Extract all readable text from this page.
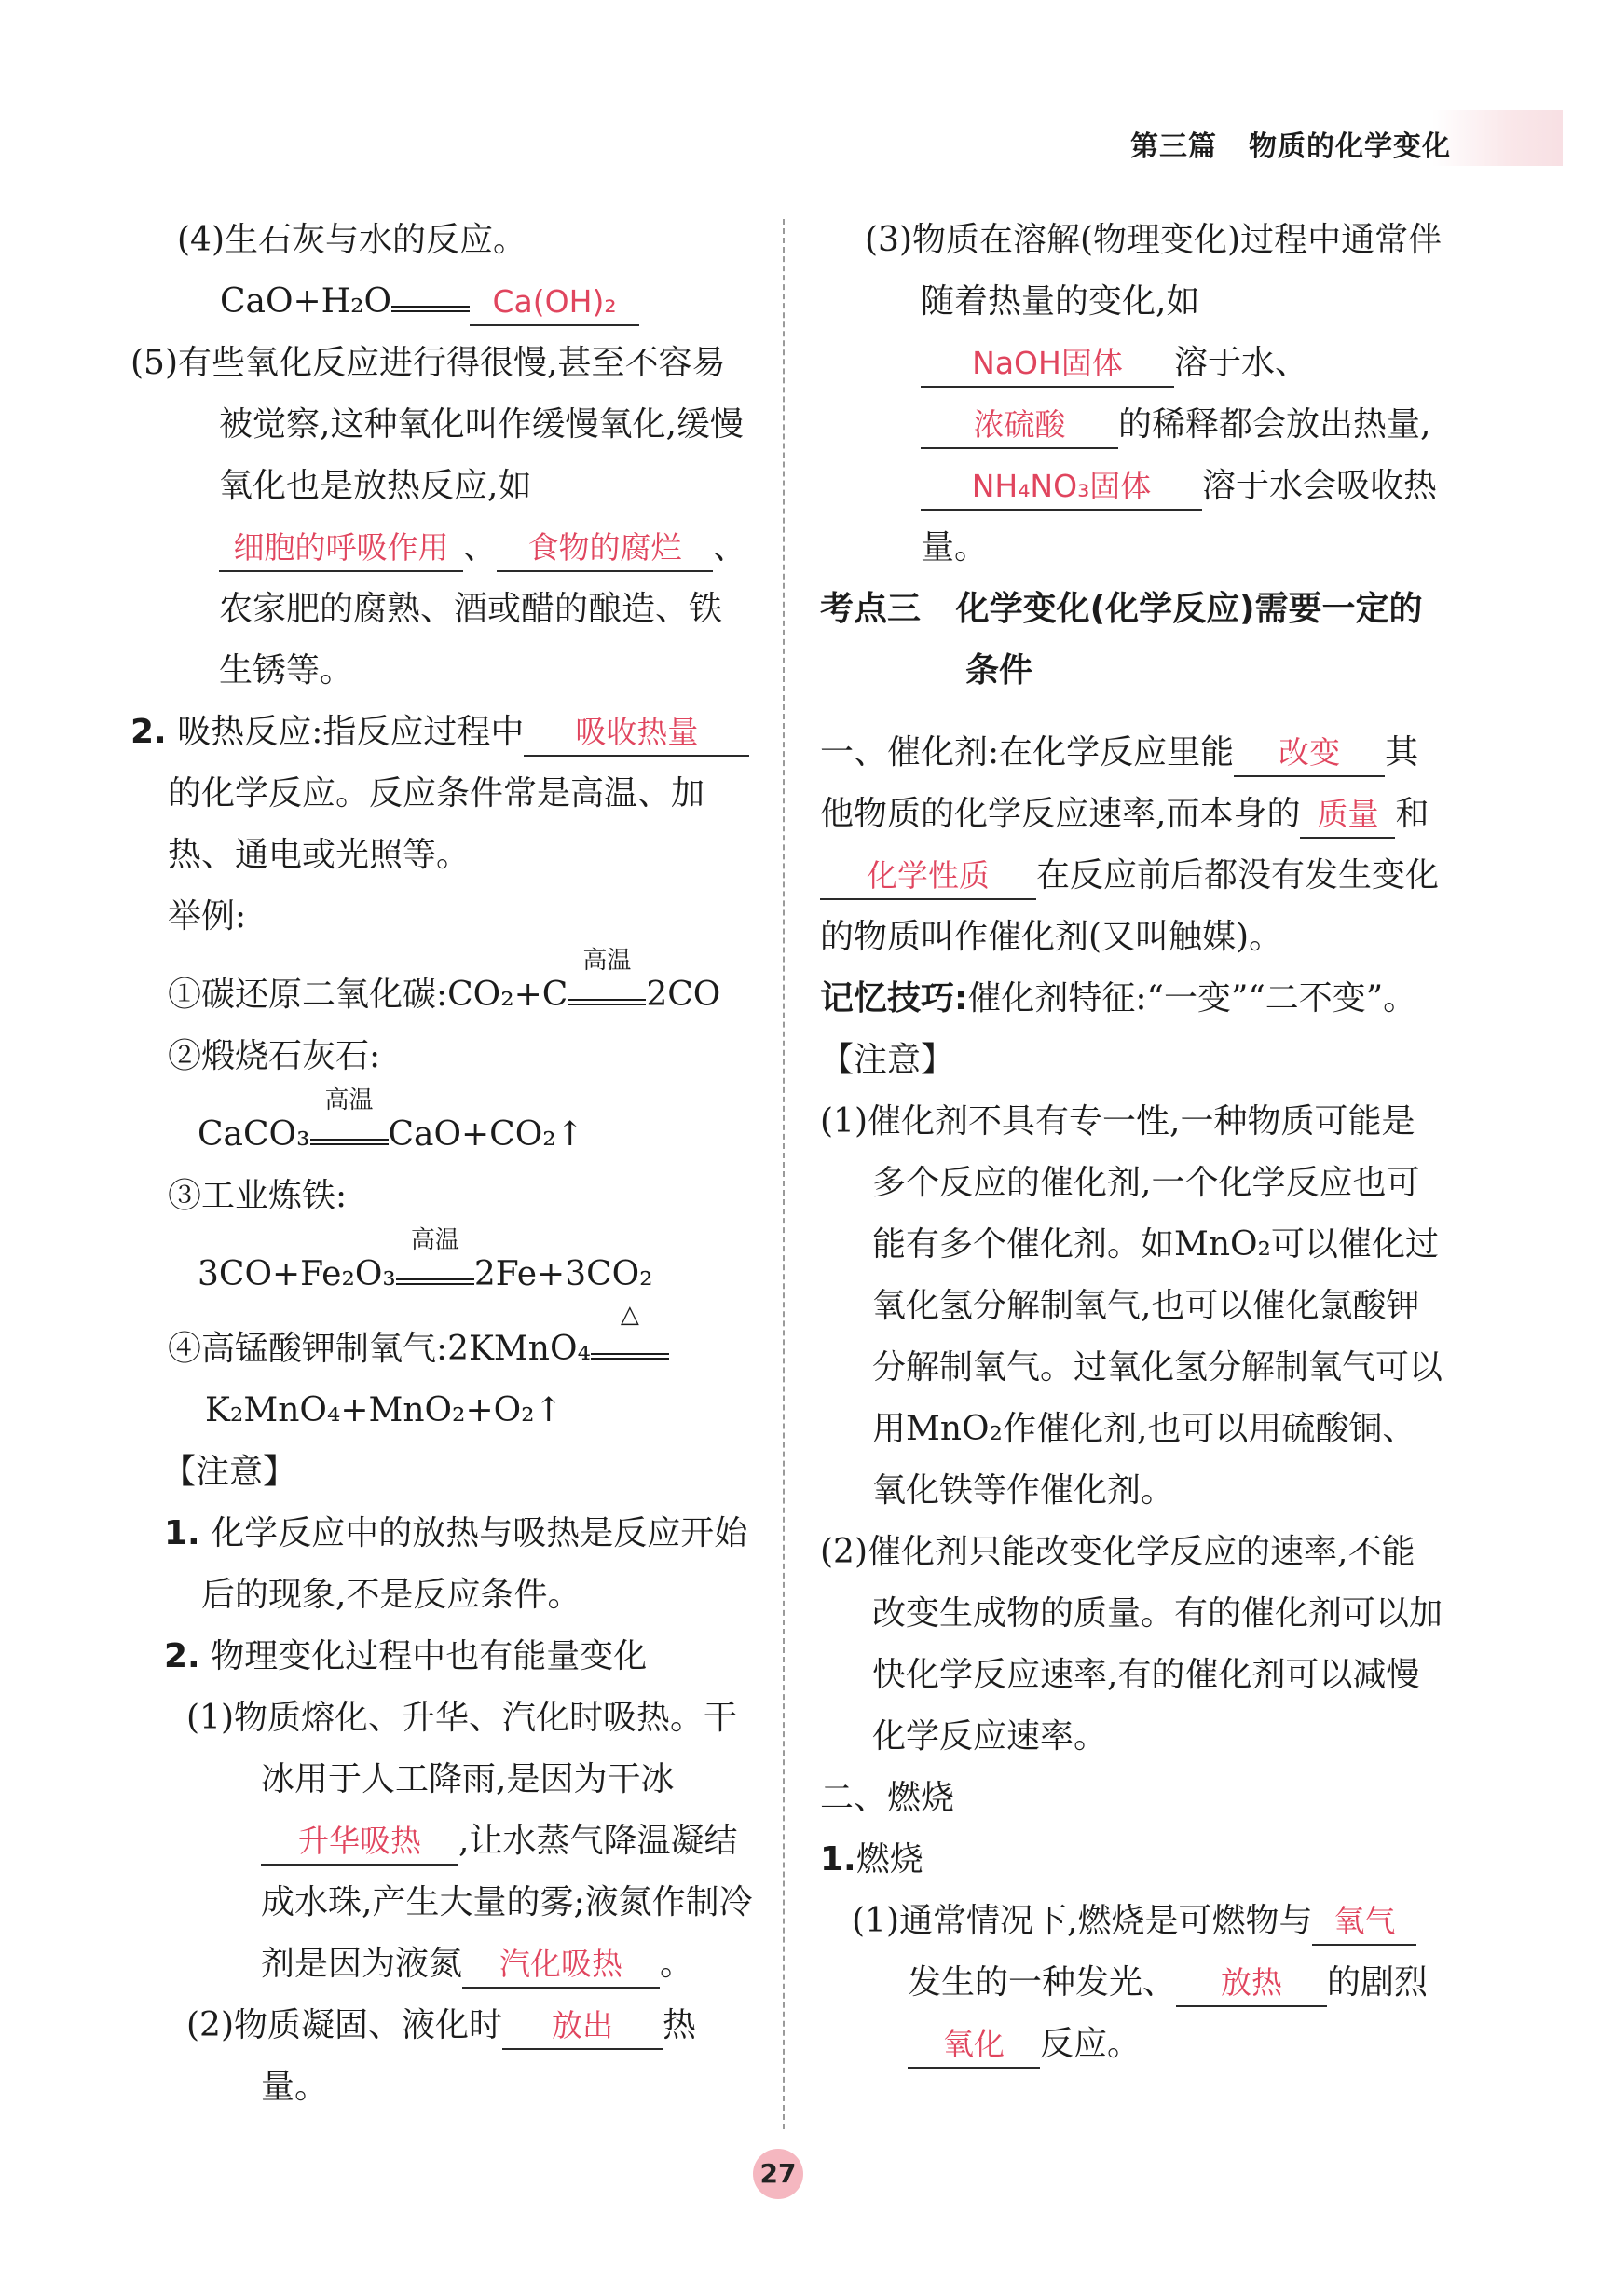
第三篇 物质的化学变化

(4)生石灰与水的反应。

CaO+H₂O	Ca(OH)₂

(5)有些氧化反应进行得很慢,甚至不容易被觉察,这种氧化叫作缓慢氧化,缓慢氧化也是放热反应,如细胞的呼吸作用 、 食物的腐烂 、农家肥的腐熟、酒或醋的酿造、铁生锈等。

2. 吸热反应:指反应过程中 吸收热量的化学反应。反应条件常是高温、加热、通电或光照等。

举例:

①碳还原二氧化碳:CO₂+C
高温
2CO

②煅烧石灰石:

CaCO₃
高温
CaO+CO₂↑

③工业炼铁:

3CO+Fe₂O₃
高温
2Fe+3CO₂

④高锰酸钾制氧气:2KMnO₄
△

K₂MnO₄+MnO₂+O₂↑

【注意】

1. 化学反应中的放热与吸热是反应开始后的现象,不是反应条件。

2. 物理变化过程中也有能量变化

(1)物质熔化、升华、汽化时吸热。干冰用于人工降雨,是因为干冰升华吸热 ,让水蒸气降温凝结成水珠,产生大量的雾;液氮作制冷剂是因为液氮 汽化吸热 。

(2)物质凝固、液化时 放出 热量。

(3)物质在溶解(物理变化)过程中通常伴随着热量的变化,如NaOH固体 溶于水、浓硫酸 的稀释都会放出热量,NH₄NO₃固体 溶于水会吸收热量。

考点三 化学变化(化学反应)需要一定的条件

一、催化剂:在化学反应里能 改变 其他物质的化学反应速率,而本身的 质量 和化学性质 在反应前后都没有发生变化的物质叫作催化剂(又叫触媒)。

记忆技巧:催化剂特征:“一变”“二不变”。

【注意】

(1)催化剂不具有专一性,一种物质可能是多个反应的催化剂,一个化学反应也可能有多个催化剂。如MnO₂可以催化过氧化氢分解制氧气,也可以催化氯酸钾分解制氧气。过氧化氢分解制氧气可以用MnO₂作催化剂,也可以用硫酸铜、氧化铁等作催化剂。

(2)催化剂只能改变化学反应的速率,不能改变生成物的质量。有的催化剂可以加快化学反应速率,有的催化剂可以减慢化学反应速率。

二、燃烧

1.燃烧

(1)通常情况下,燃烧是可燃物与 氧气发生的一种发光、 放热 的剧烈氧化 反应。

27
